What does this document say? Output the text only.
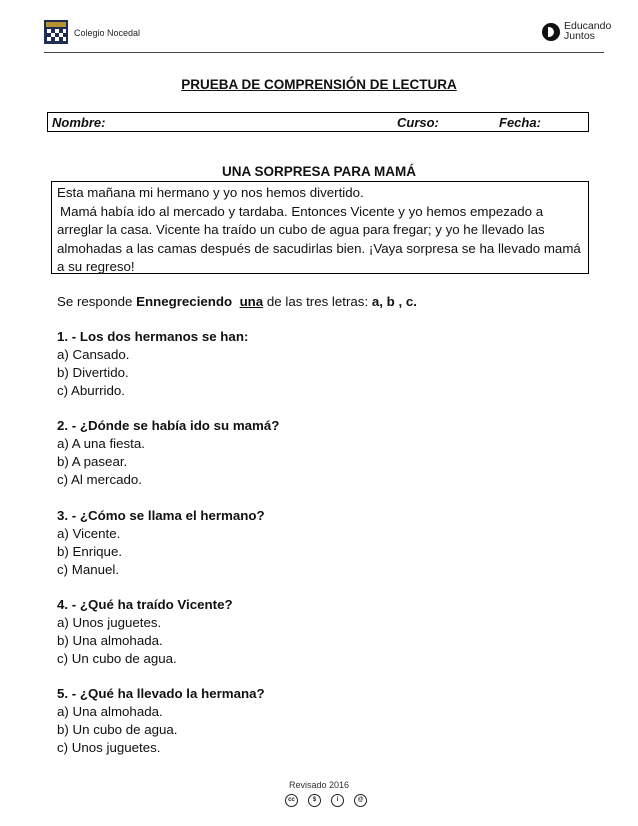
Colegio Nocedal
Educando
Juntos
PRUEBA DE COMPRENSIÓN DE LECTURA
Nombre:	Curso:	Fecha:
UNA SORPRESA PARA MAMÁ

Esta mañana mi hermano y yo nos hemos divertido.

Mamá había ido al mercado y tardaba. Entonces Vicente y yo hemos empezado a arreglar la casa. Vicente ha traído un cubo de agua para fregar; y yo he llevado las almohadas a las camas después de sacudirlas bien. ¡Vaya sorpresa se ha llevado mamá a su regreso!

Se responde Ennegreciendo una de las tres letras: a, b , c.
1. - Los dos hermanos se han:
a) Cansado.
b) Divertido.
c) Aburrido.
2. - ¿Dónde se había ido su mamá?
a) A una fiesta.
b) A pasear.
c) Al mercado.
3. - ¿Cómo se llama el hermano?
a) Vicente.
b) Enrique.
c) Manuel.
4. - ¿Qué ha traído Vicente?
a) Unos juguetes.
b) Una almohada.
c) Un cubo de agua.
5. - ¿Qué ha llevado la hermana?
a) Una almohada.
b) Un cubo de agua.
c) Unos juguetes.
Revisado 2016
cc	$	i	@
